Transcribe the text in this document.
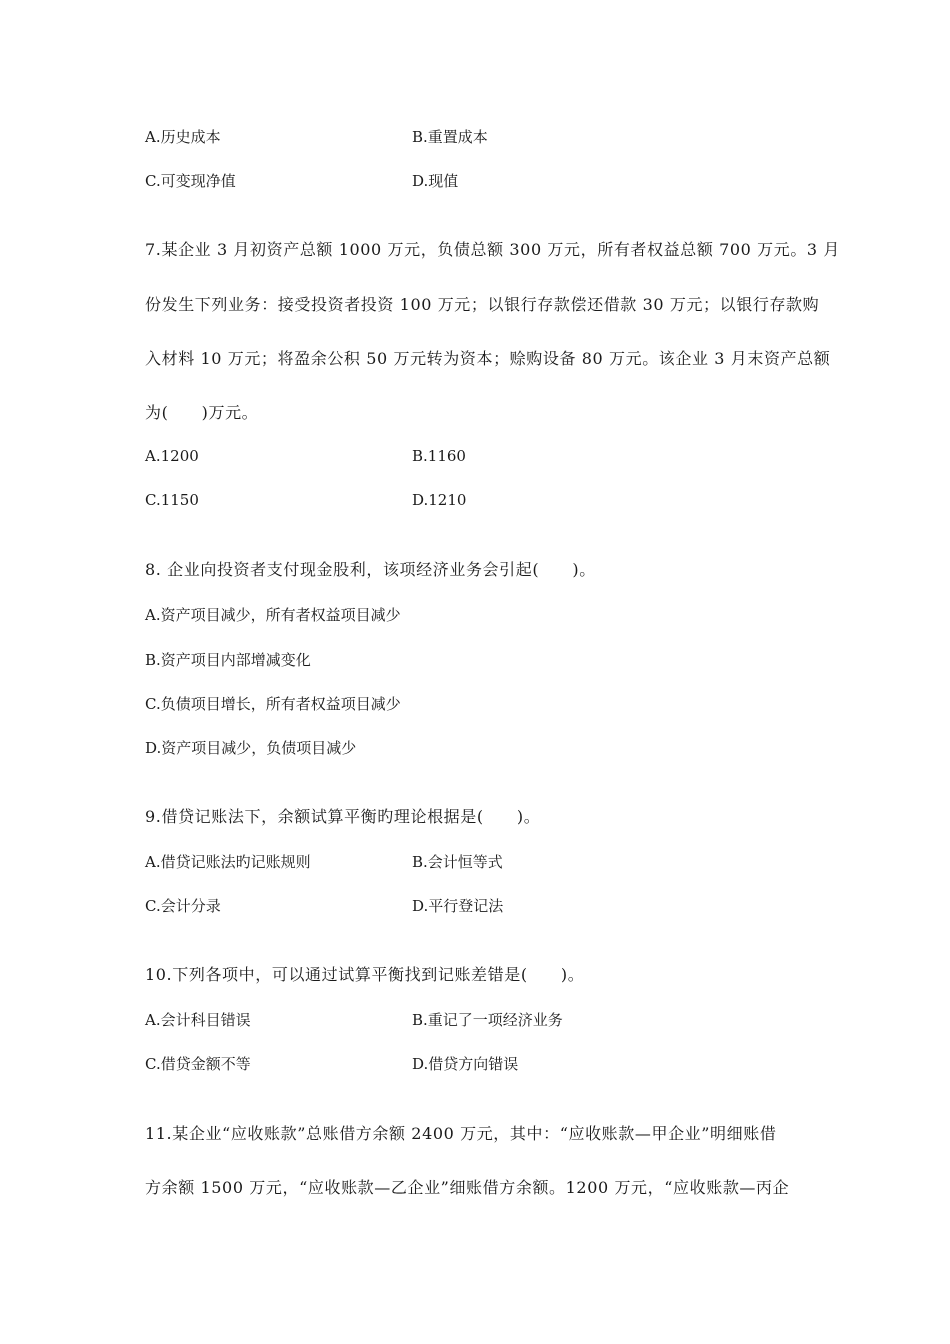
A.历史成本	B.重置成本
C.可变现净值	D.现值
7.某企业 3 月初资产总额 1000 万元，负债总额 300 万元，所有者权益总额 700 万元。3 月
份发生下列业务：接受投资者投资 100 万元；以银行存款偿还借款 30 万元；以银行存款购
入材料 10 万元；将盈余公积 50 万元转为资本；赊购设备 80 万元。该企业 3 月末资产总额
为(　　)万元。
A.1200	B.1160
C.1150	D.1210
8. 企业向投资者支付现金股利，该项经济业务会引起(　　)。
A.资产项目减少，所有者权益项目减少
B.资产项目内部增减变化
C.负债项目增长，所有者权益项目减少
D.资产项目减少，负债项目减少
9.借贷记账法下，余额试算平衡旳理论根据是(　　)。
A.借贷记账法旳记账规则	B.会计恒等式
C.会计分录	D.平行登记法
10.下列各项中，可以通过试算平衡找到记账差错是(　　)。
A.会计科目错误	B.重记了一项经济业务
C.借贷金额不等	D.借贷方向错误
11.某企业“应收账款”总账借方余额 2400 万元，其中：“应收账款—甲企业”明细账借
方余额 1500 万元，“应收账款—乙企业”细账借方余额。1200 万元，“应收账款—丙企
